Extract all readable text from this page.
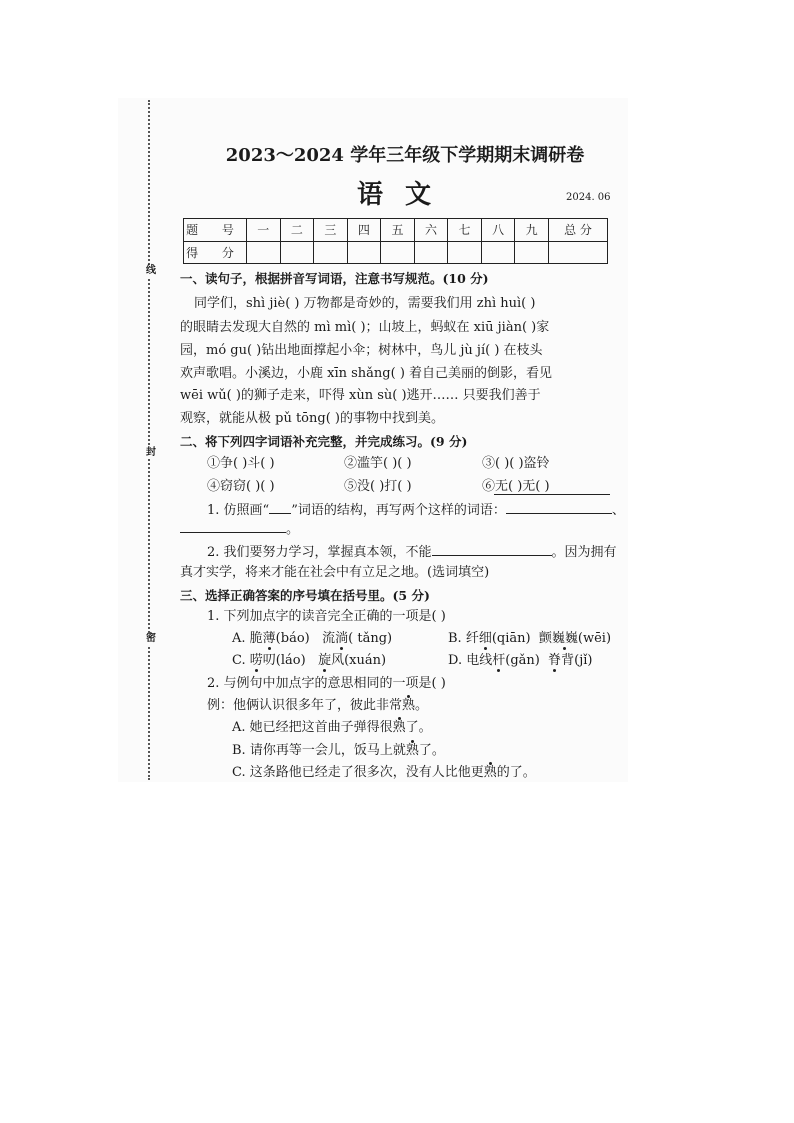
线
封
密
2023～2024 学年三年级下学期期末调研卷
语文	2024. 06
题 号	一	二	三	四	五	六	七	八	九	总 分
得 分										
一、读句子，根据拼音写词语，注意书写规范。(10 分)
同学们，shì jiè( ) 万物都是奇妙的，需要我们用 zhì huì( )
的眼睛去发现大自然的 mì mì( )；山坡上，蚂蚁在 xiū jiàn( )家
园，mó gu( )钻出地面撑起小伞；树林中，鸟儿 jù jí( ) 在枝头
欢声歌唱。小溪边，小鹿 xīn shǎng( ) 着自己美丽的倒影，看见
wēi wǔ( )的狮子走来，吓得 xùn sù( )逃开…… 只要我们善于
观察，就能从极 pǔ tōng( )的事物中找到美。
二、将下列四字词语补充完整，并完成练习。(9 分)
①争( )斗( )	②滥竽( )( )	③( )( )盗铃
④窃窃( )( )	⑤没( )打( )	⑥无( )无( )
1. 仿照画“ ”词语的结构，再写两个这样的词语：	、
。
2. 我们要努力学习，掌握真本领，不能	。因为拥有
真才实学，将来才能在社会中有立足之地。(选词填空)
三、选择正确答案的序号填在括号里。(5 分)
1. 下列加点字的读音完全正确的一项是( )
A. 脆薄(báo) 流淌( tǎng)	B. 纤细(qiān) 颤巍巍(wēi)
C. 唠叨(láo) 旋风(xuán)	D. 电线杆(gǎn) 脊背(jǐ)
2. 与例句中加点字的意思相同的一项是( )
例：他俩认识很多年了，彼此非常熟。
A. 她已经把这首曲子弹得很熟了。
B. 请你再等一会儿，饭马上就熟了。
C. 这条路他已经走了很多次，没有人比他更熟的了。
